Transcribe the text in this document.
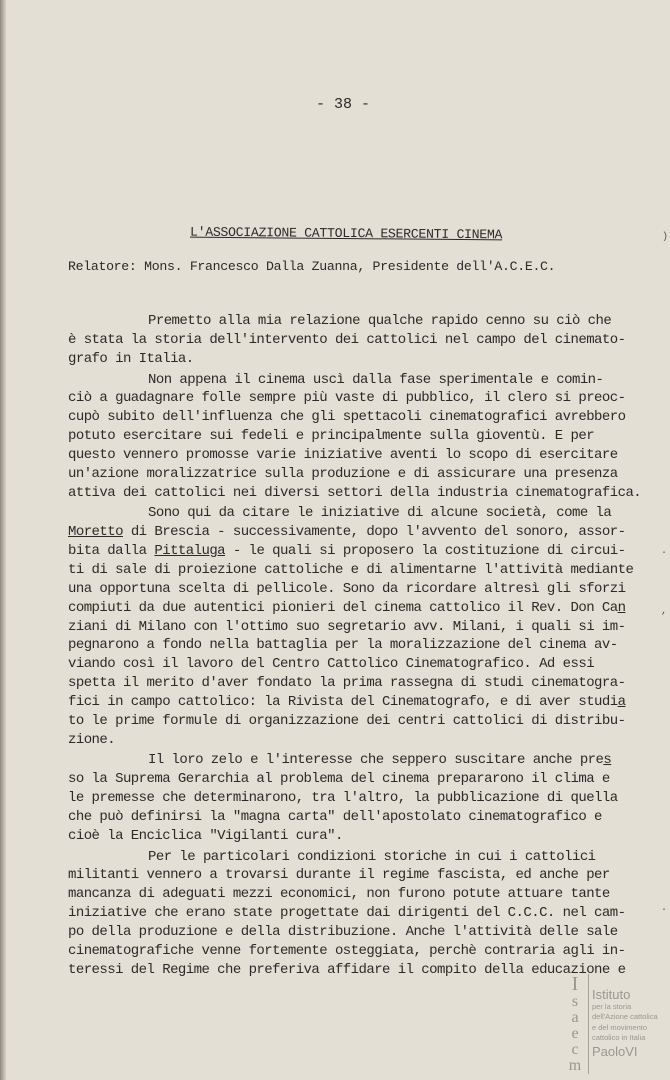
- 38 -
L'ASSOCIAZIONE CATTOLICA ESERCENTI CINEMA
Relatore: Mons. Francesco Dalla Zuanna, Presidente dell'A.C.E.C.
Premetto alla mia relazione qualche rapido cenno su ciò che
è stata la storia dell'intervento dei cattolici nel campo del cinemato-
grafo in Italia.
Non appena il cinema uscì dalla fase sperimentale e comin-
ciò a guadagnare folle sempre più vaste di pubblico, il clero si preoc-
cupò subito dell'influenza che gli spettacoli cinematografici avrebbero
potuto esercitare sui fedeli e principalmente sulla gioventù. E per
questo vennero promosse varie iniziative aventi lo scopo di esercitare
un'azione moralizzatrice sulla produzione e di assicurare una presenza
attiva dei cattolici nei diversi settori della industria cinematografica.
Sono qui da citare le iniziative di alcune società, come la
Moretto di Brescia - successivamente, dopo l'avvento del sonoro, assor-
bita dalla Pittaluga - le quali si proposero la costituzione di circui-
ti di sale di proiezione cattoliche e di alimentarne l'attività mediante
una opportuna scelta di pellicole. Sono da ricordare altresì gli sforzi
compiuti da due autentici pionieri del cinema cattolico il Rev. Don Can
ziani di Milano con l'ottimo suo segretario avv. Milani, i quali si im-
pegnarono a fondo nella battaglia per la moralizzazione del cinema av-
viando così il lavoro del Centro Cattolico Cinematografico. Ad essi
spetta il merito d'aver fondato la prima rassegna di studi cinematogra-
fici in campo cattolico: la Rivista del Cinematografo, e di aver studia
to le prime formule di organizzazione dei centri cattolici di distribu-
zione.
Il loro zelo e l'interesse che seppero suscitare anche pres
so la Suprema Gerarchia al problema del cinema prepararono il clima e
le premesse che determinarono, tra l'altro, la pubblicazione di quella
che può definirsi la "magna carta" dell'apostolato cinematografico e
cioè la Enciclica "Vigilanti cura".
Per le particolari condizioni storiche in cui i cattolici
militanti vennero a trovarsi durante il regime fascista, ed anche per
mancanza di adeguati mezzi economici, non furono potute attuare tante
iniziative che erano state progettate dai dirigenti del C.C.C. nel cam-
po della produzione e della distribuzione. Anche l'attività delle sale
cinematografiche venne fortemente osteggiata, perchè contraria agli in-
teressi del Regime che preferiva affidare il compito della educazione e
)
·
,
·
I
s
a
e
c
m
Istituto
per la storia
dell'Azione cattolica
e del movimento
cattolico in Italia
PaoloVI
